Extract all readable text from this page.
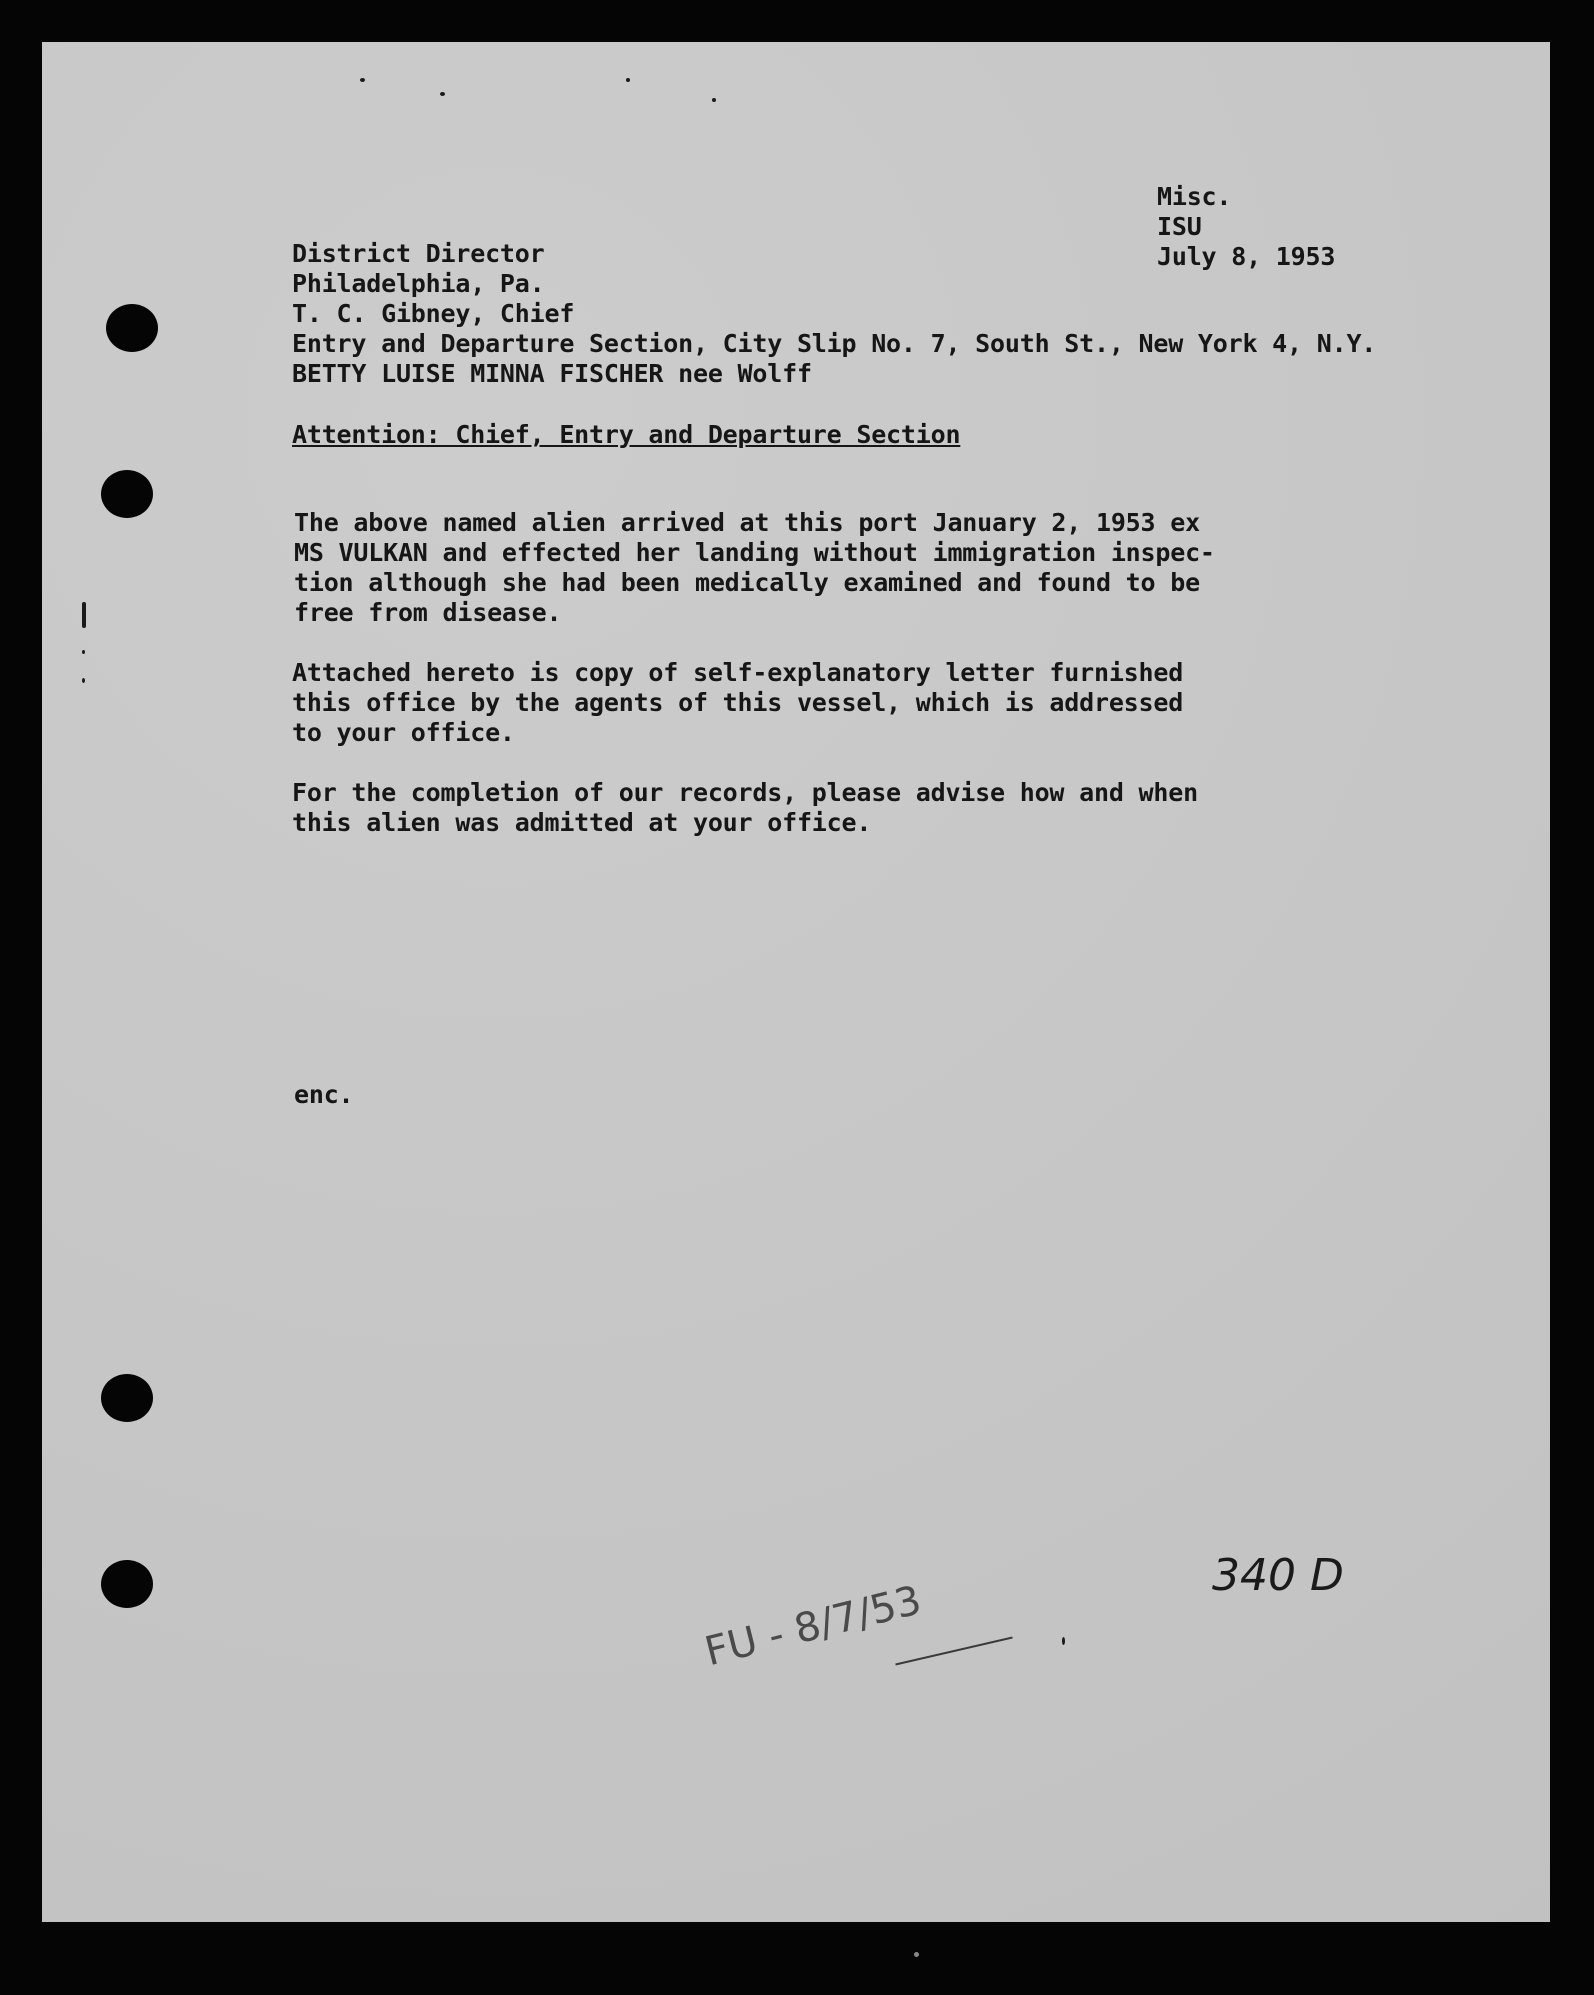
Misc.
ISU
July 8, 1953
District Director
Philadelphia, Pa.
T. C. Gibney, Chief
Entry and Departure Section, City Slip No. 7, South St., New York 4, N.Y.
BETTY LUISE MINNA FISCHER nee Wolff
Attention: Chief, Entry and Departure Section
The above named alien arrived at this port January 2, 1953 ex
MS VULKAN and effected her landing without immigration inspec-
tion although she had been medically examined and found to be
free from disease.
Attached hereto is copy of self-explanatory letter furnished
this office by the agents of this vessel, which is addressed
to your office.
For the completion of our records, please advise how and when
this alien was admitted at your office.
enc.
340 D
FU - 8/7/53
